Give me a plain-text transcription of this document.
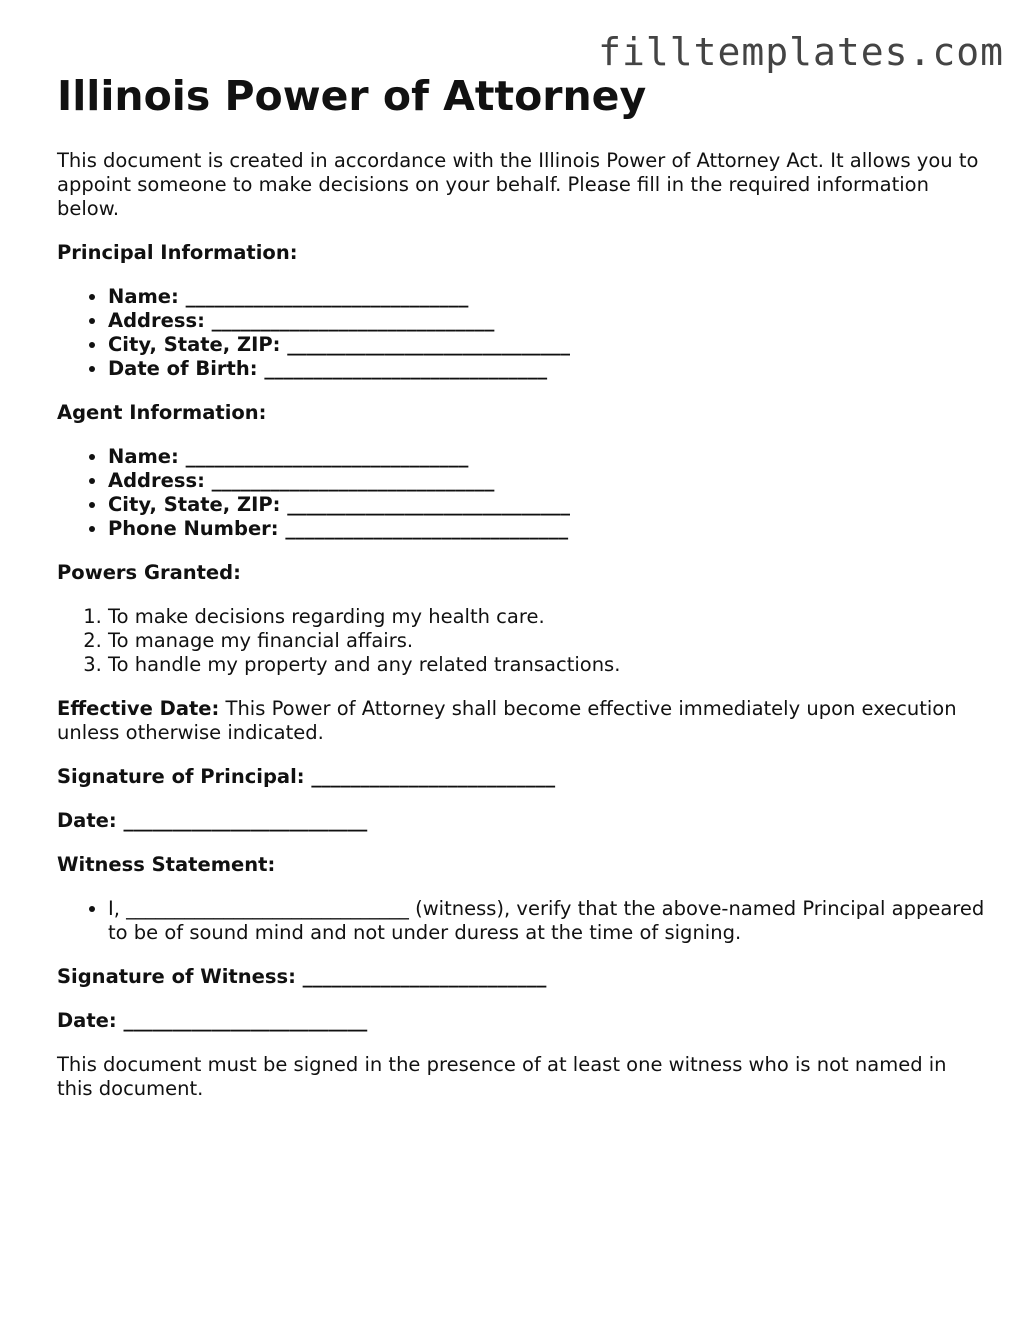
filltemplates.com
Illinois Power of Attorney

This document is created in accordance with the Illinois Power of Attorney Act. It allows you to appoint someone to make decisions on your behalf. Please fill in the required information below.

Principal Information:

• Name: _____________________________
• Address: _____________________________
• City, State, ZIP: _____________________________
• Date of Birth: _____________________________

Agent Information:

• Name: _____________________________
• Address: _____________________________
• City, State, ZIP: _____________________________
• Phone Number: _____________________________

Powers Granted:

1. To make decisions regarding my health care.
2. To manage my financial affairs.
3. To handle my property and any related transactions.

Effective Date: This Power of Attorney shall become effective immediately upon execution unless otherwise indicated.

Signature of Principal: _________________________

Date: _________________________

Witness Statement:

• I, _____________________________ (witness), verify that the above-named Principal appeared to be of sound mind and not under duress at the time of signing.

Signature of Witness: _________________________

Date: _________________________

This document must be signed in the presence of at least one witness who is not named in this document.
